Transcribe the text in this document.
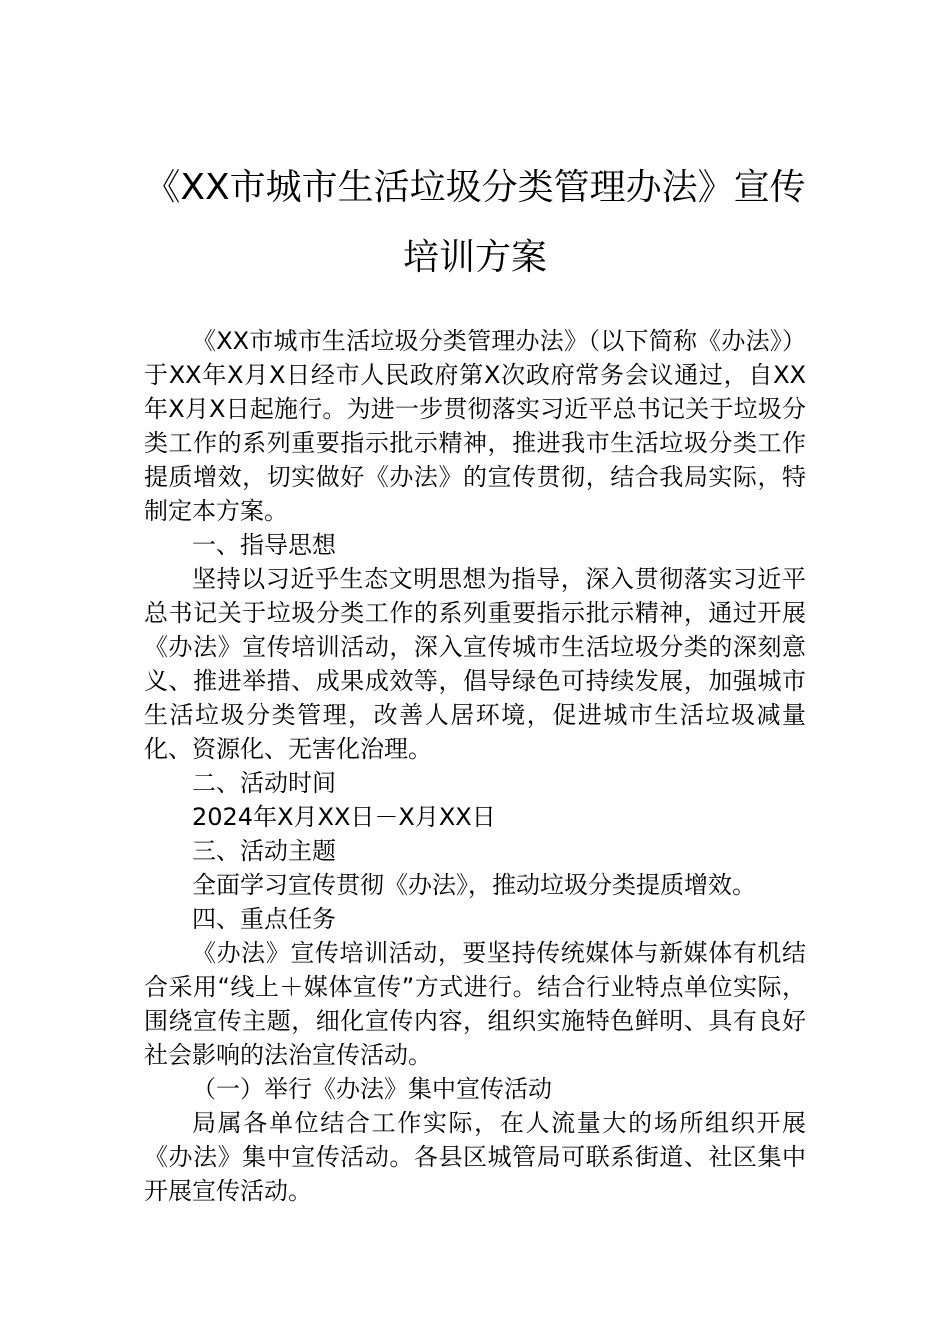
《XX市城市生活垃圾分类管理办法》宣传
培训方案

《XX市城市生活垃圾分类管理办法》（以下简称《办法》）于XX年X月X日经市人民政府第X次政府常务会议通过，自XX年X月X日起施行。为进一步贯彻落实习近平总书记关于垃圾分类工作的系列重要指示批示精神，推进我市生活垃圾分类工作提质增效，切实做好《办法》的宣传贯彻，结合我局实际，特制定本方案。

一、指导思想

坚持以习近乎生态文明思想为指导，深入贯彻落实习近平总书记关于垃圾分类工作的系列重要指示批示精神，通过开展《办法》宣传培训活动，深入宣传城市生活垃圾分类的深刻意义、推进举措、成果成效等，倡导绿色可持续发展，加强城市生活垃圾分类管理，改善人居环境，促进城市生活垃圾减量化、资源化、无害化治理。

二、活动时间

2024年X月XX日－X月XX日

三、活动主题

全面学习宣传贯彻《办法》，推动垃圾分类提质增效。

四、重点任务

《办法》宣传培训活动，要坚持传统媒体与新媒体有机结合采用“线上＋媒体宣传”方式进行。结合行业特点单位实际，围绕宣传主题，细化宣传内容，组织实施特色鲜明、具有良好社会影响的法治宣传活动。

（一）举行《办法》集中宣传活动

局属各单位结合工作实际，在人流量大的场所组织开展《办法》集中宣传活动。各县区城管局可联系街道、社区集中开展宣传活动。
